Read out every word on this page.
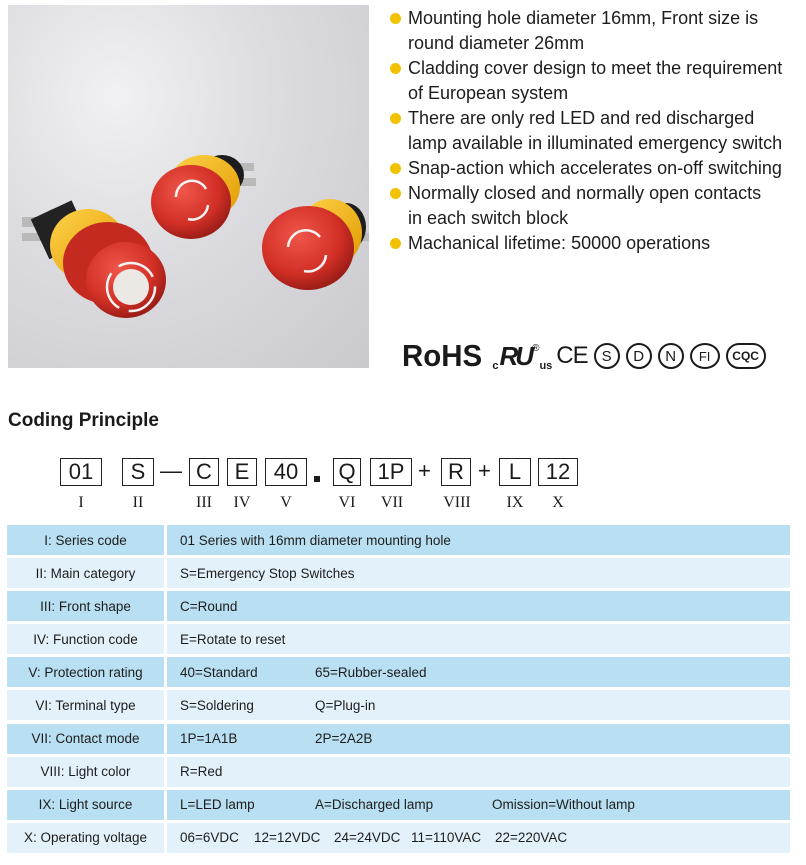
Mounting hole diameter 16mm, Front size is
round diameter 26mm
Cladding cover design to meet the requirement
of European system
There are only red LED and red discharged
lamp available in illuminated emergency switch
Snap-action which accelerates on-off switching
Normally closed and normally open contacts
in each switch block
Machanical lifetime: 50000 operations
RoHS c RU ®
us CE S	D	N	FI	CQC
Coding Principle
01	S — C	E	40	Q 1P + R + L	12
I	II	III	IV	V	VI	VII	VIII	IX	X
I: Series code	01 Series with 16mm diameter mounting hole
II: Main category	S=Emergency Stop Switches
III: Front shape	C=Round
IV: Function code	E=Rotate to reset
V: Protection rating	40=Standard	65=Rubber-sealed
VI: Terminal type	S=Soldering	Q=Plug-in
VII: Contact mode	1P=1A1B	2P=2A2B
VIII: Light color	R=Red
IX: Light source	L=LED lamp	A=Discharged lamp	Omission=Without lamp
X: Operating voltage	06=6VDC 12=12VDC 24=24VDC 11=110VAC 22=220VAC
